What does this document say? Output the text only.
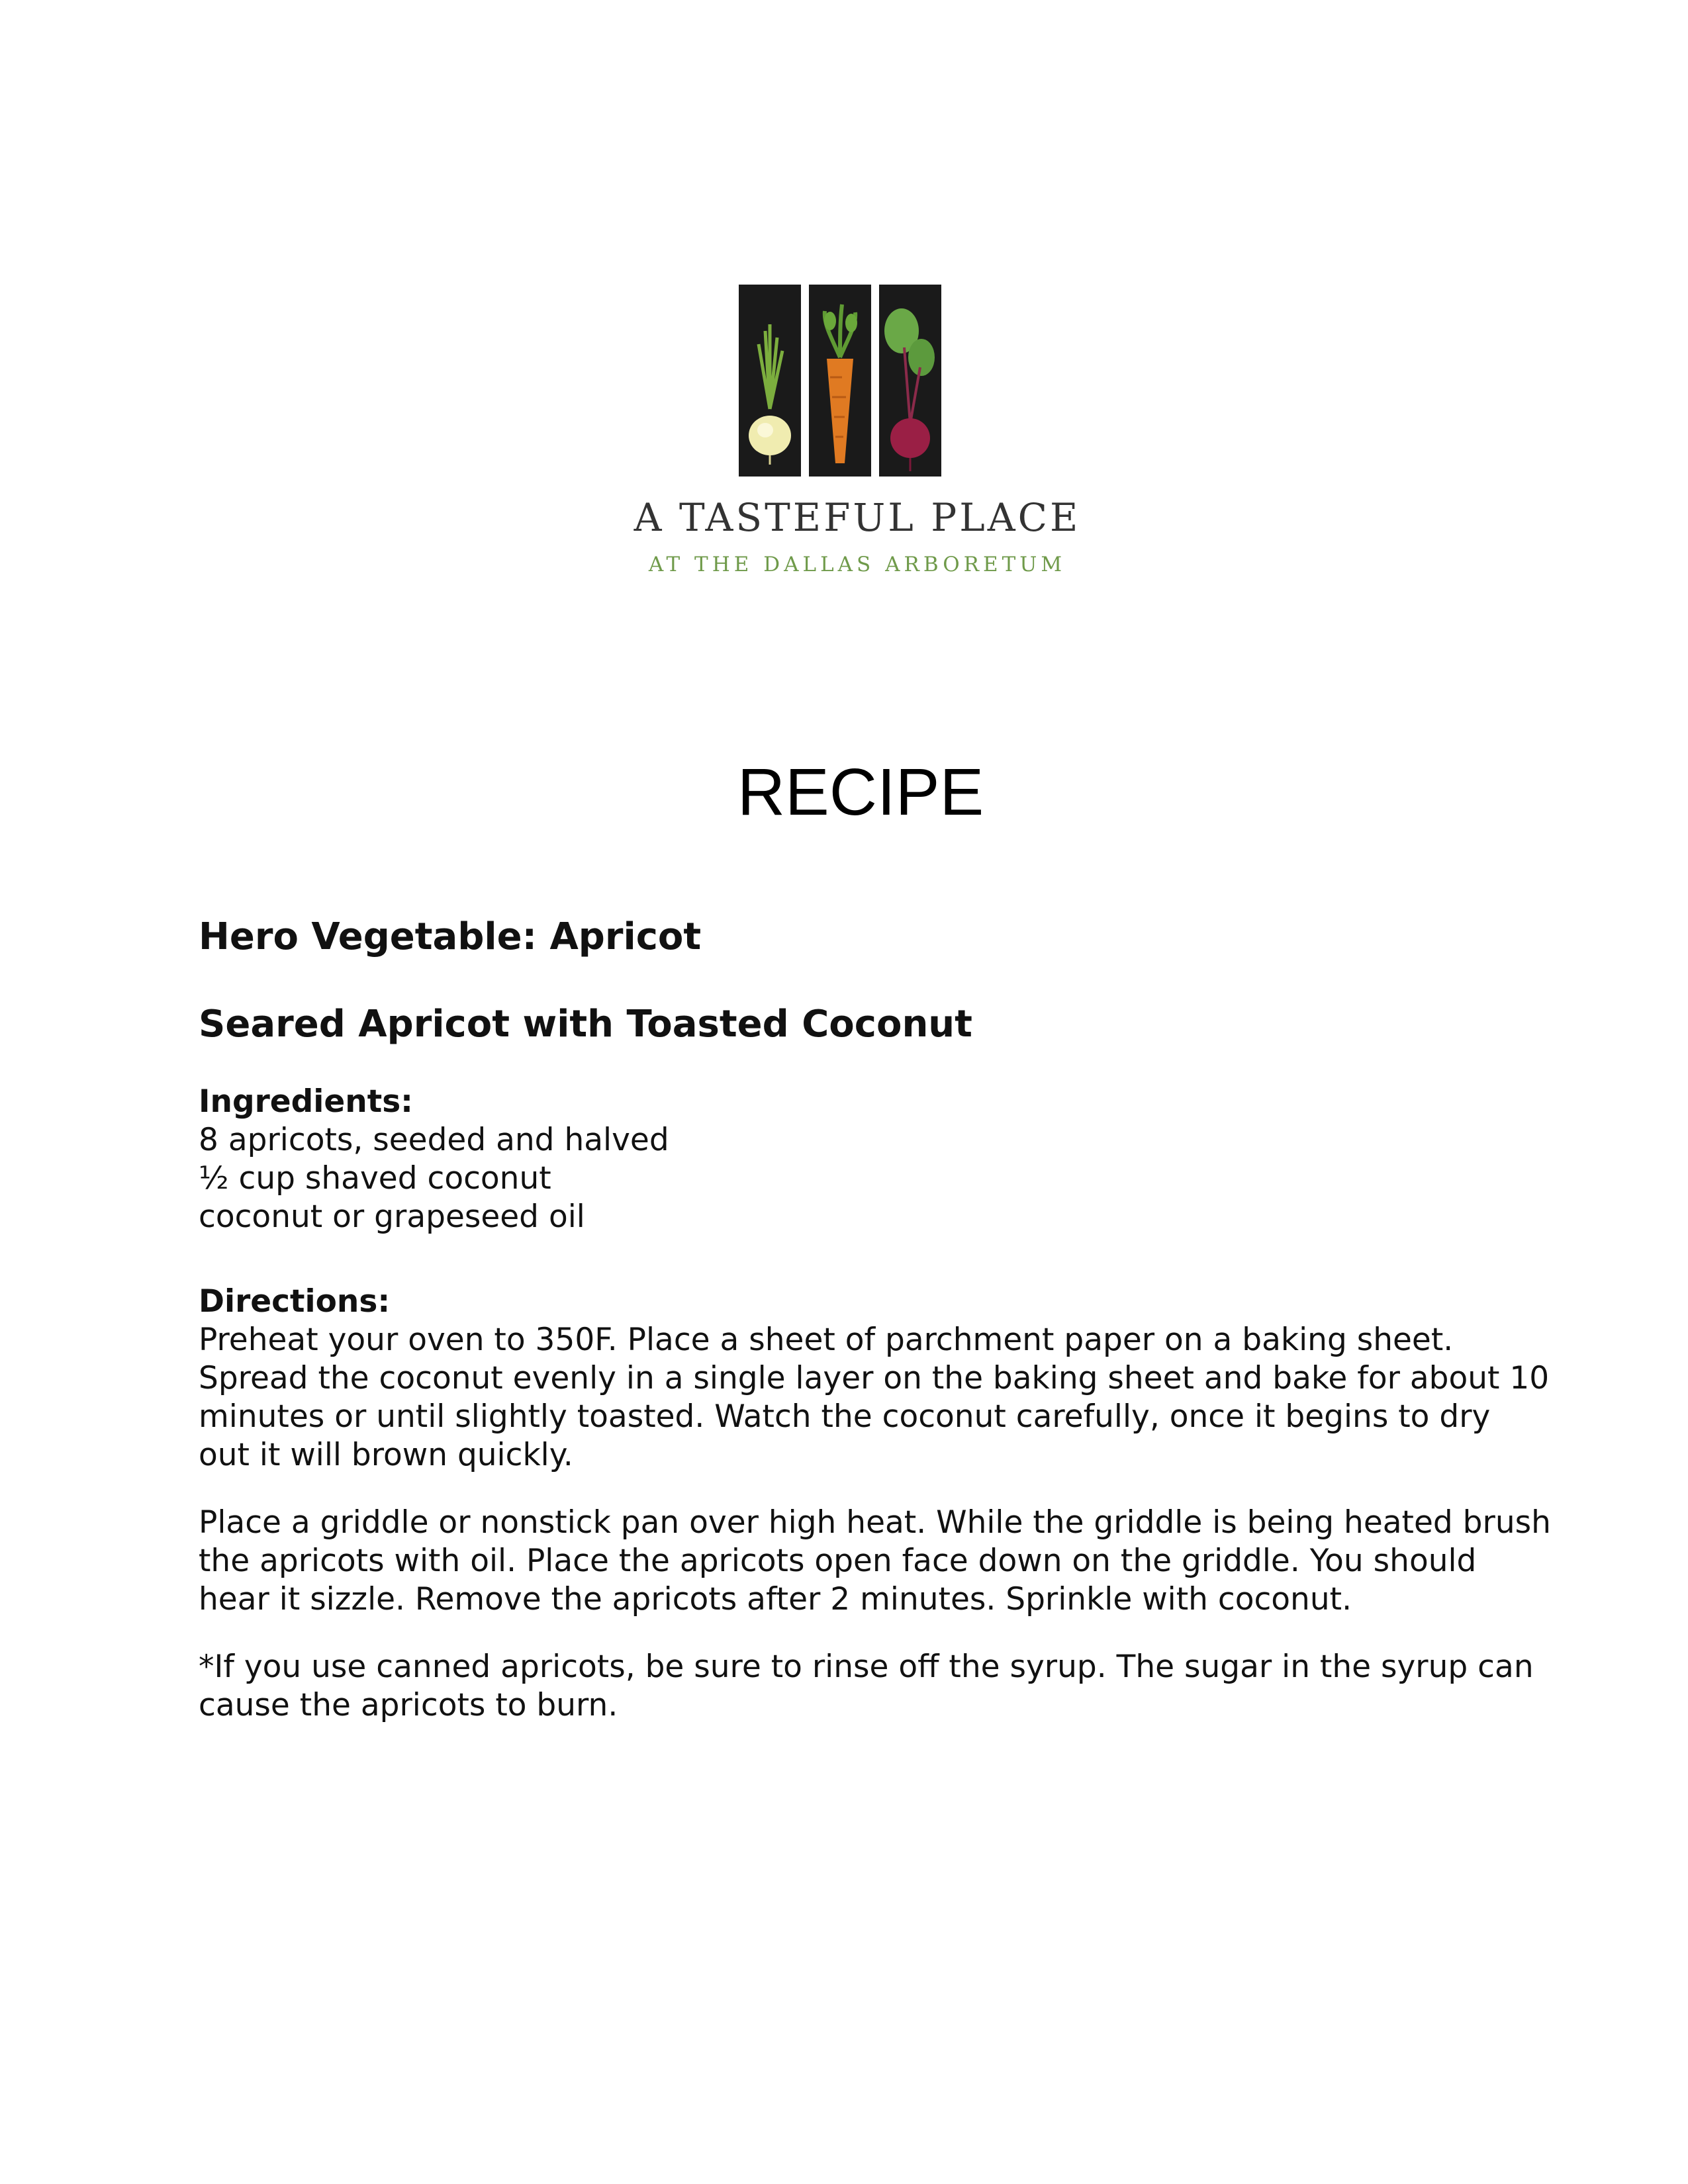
A TASTEFUL PLACE
AT THE DALLAS ARBORETUM
RECIPE

Hero Vegetable: Apricot

Seared Apricot with Toasted Coconut

Ingredients:

8 apricots, seeded and halved

½ cup shaved coconut

coconut or grapeseed oil

Directions:

Preheat your oven to 350F. Place a sheet of parchment paper on a baking sheet.
Spread the coconut evenly in a single layer on the baking sheet and bake for about 10
minutes or until slightly toasted. Watch the coconut carefully, once it begins to dry
out it will brown quickly.
Place a griddle or nonstick pan over high heat. While the griddle is being heated brush
the apricots with oil. Place the apricots open face down on the griddle. You should
hear it sizzle. Remove the apricots after 2 minutes. Sprinkle with coconut.
*If you use canned apricots, be sure to rinse off the syrup. The sugar in the syrup can
cause the apricots to burn.
